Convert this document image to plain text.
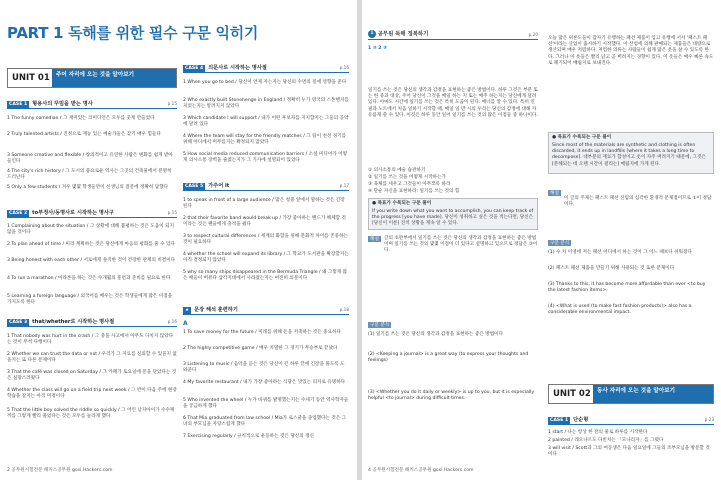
PART 1 독해를 위한 필수 구문 익히기
UNIT 01	주어 자리에 오는 것을 알아보기
CASE 1 형용사의 꾸밈을 받는 명사	p.15
1 The funny comedian / 그 재미있는 코미디언은 모두를 웃게 만들었다
2 Truly talented artists / 진정으로 재능 있는 예술가들은 찾기 매우 힘들다
3 Someone creative and flexible / 창의적이고 유연한 사람은 변화를 쉽게 받아들인다
4 The city's rich history / 그 도시의 풍요로운 역사는 그곳의 건축물에서 분명히 드러난다
5 Only a few students / 겨우 몇몇 학생들만이 선생님의 질문에 정확히 답했다
CASE 2 to부정사/동명사로 시작하는 명사구	p.15
1 Complaining about the situation / 그 상황에 대해 불평하는 것은 도움이 되지 않을 것이다
2 To plan ahead of time / 미리 계획하는 것은 당신에게 마음의 평화를 줄 수 있다
3 Being honest with each other / 서로에게 솔직한 것이 건강한 관계의 비결이다
4 To run a marathon / 마라톤을 하는 것은 수개월의 훈련과 준비를 필요로 한다
5 Learning a foreign language / 외국어를 배우는 것은 학생들에게 많은 이점을 가지도록 한다
CASE 3 that/whether로 시작하는 명사절	p.16
1 That nobody was hurt in the crash / 그 충돌 사고에서 아무도 다치지 않았다는 것이 무척 다행이다
2 Whether we can trust the data or not / 우리가 그 자료를 신뢰할 수 있을지 없을지는 또 다른 문제이다
3 That the café was closed on Saturday / 그 카페가 토요일에 문을 닫았다는 것은 실망스러웠다
4 Whether the class will go on a field trip next week / 그 반이 다음 주에 현장 학습을 갈지는 아직 미정이다
5 That the little boy solved the riddle so quickly / 그 어린 남자아이가 수수께끼를 그렇게 빨리 풀었다는 것은 모두를 놀라게 했다
CASE 4 의문사로 시작하는 명사절	p.16
1 When you go to bed / 당신이 언제 자는지는 당신의 수면의 질에 영향을 준다
2 Who exactly built Stonehenge in England / 정확히 누가 영국의 스톤헨지를 지었는지는 알려지지 않았다
3 Which candidate I will support / 내가 어떤 후보자를 지지할지는 그들의 공약에 달려 있다
4 Where the team will stay for the friendly matches / 그 팀이 친선 경기를 위해 어디에서 머무를지는 확정되지 않았다
5 How social media reduced communication barriers / 소셜 미디어가 어떻게 의사소통 장벽을 줄였는지가 그 기사에 설명되어 있었다
CASE 5 가주어 it	p.17
1 to speak in front of a large audience / 많은 청중 앞에서 말하는 것은 긴장 된다
2 that their favorite band would break up / 가장 좋아하는 밴드가 해체할 것이라는 것은 팬들에게 충격을 줬다
3 to respect cultural differences / 세계의 화합을 위해 문화적 차이를 존중하는 것이 필요하다
4 whether the school will expand its library / 그 학교가 도서관을 확장할지는 아직 결정되지 않았다
5 why so many ships disappeared in the Bermuda Triangle / 왜 그렇게 많은 배들이 버뮤다 삼각지대에서 사라졌는지는 여전히 의문이다
★ 문장 해석 훈련하기	p.18
A
1 To save money for the future / 미래를 위해 돈을 저축하는 것은 중요하다
2 The highly competitive game / 매우 치열한 그 경기가 무승부로 끝났다
3 Listening to music / 음악을 듣는 것은 당신이 긴 하루 끝에 긴장을 풀도록 도와준다
4 My favorite restaurant / 내가 가장 좋아하는 식당은 맛있는 피자로 유명하다
5 Who invented the wheel / 누가 바퀴를 발명했는지는 수세기 동안 역사학자들을 궁금하게 했다
6 That Mia graduated from law school / Mia가 로스쿨을 졸업했다는 것은 그녀의 부모님을 자랑스럽게 했다
7 Exercising regularly / 규칙적으로 운동하는 것은 당신의 정신
2 공무원시험전문 해커스공무원 gosi.Hackers.com
1 공무원 독해 정복하기	p.20
1 ③ 2 ③
일기를 쓰는 것은 당신의 생각과 감정을 표현하는 좋은 방법이다. 하루 그것은 부분 또는 한 중과 대상, 주어 당신이 그것을 매일 하는 지 또는 매주 하는지는 당신에게 달려 있다. 아마도 시간에 일기를 쓰는 것은 특히 도움이 된다. 매너를 알 수 있다. 특히 연필과 노트에서 처음 일하기 시작할 때, 매일 일 만 시의 우리는 당신의 감정에 대해 자유롭게 쓸 수 있다. 이것은 하루 동안 일어 일기를 쓰는 것의 많은 이점들 중 하나이다.
① 의사소통의 예술 습관하기
② 일기를 쓰는 것을 어떻게 시작하는가
③ 육체를 세우고 그것들이 아무쪼록 하라
④ 단순 자신을 표현하라: 일기를 쓰는 것의 힘
● 목표가 수록되는 구문 풀이
If you write down what you want to accomplish, you can keep track of the progress [you have made]. 당신이 성취하고 싶은 것을 적는다면, 당신은 [당신이 이룬] 진척 상황을 계속 알 수 있다.
해설	글의 초반부에서 일기를 쓰는 것은 당신의 생각과 감정을 표현하는 좋은 방법이며 일기를 쓰는 것의 몇몇 이점이 더 있다고 설명하고 있으므로 정답은 ③이다.
구문 분석
(1) 일기를 쓰는 것은 당신의 생각과 감정을 표현하는 좋은 방법이다
(2) <Keeping a journal> is a great way (to express your thoughts and feelings)
(3) <Whether you do it daily or weekly> is up to you, but it is especially helpful <to journal> during difficult times.
오늘 많은 위론도들이 갑자기 유행하는 패션 제품이 입고 유행에 서서 '패스트 패션'이라는 산업이 출시하기 시작했다. 이 산업에 의해 판매되는 제품들은 대량으로 생산되며 매우 저렴하다. 저렴한 의류는 사람들이 쉽게 많은 옷을 살 수 있도록 한다. 그러나 이 옷들은 빨리 낡고 곧 버려지는 경향이 있다. 이 옷들은 매우 빠른 속도로 폐기되어 매립지로 보내진다.
● 목표가 수록되는 구문 풀이
Since most of the materials are synthetic and clothing is often discarded, it ends up in landfills [where it takes a long time to decompose]. 대부분의 재료가 합성이고 옷이 자주 버려지기 때문에, 그것은 [분해되는 데 오랜 시간이 걸리는] 매립지에 가게 된다.
해설
이 글의 주제는 패스트 패션 산업의 심각한 환경적 문제점이므로 ①이 정답이다.
구문 분석
(1) 수 차 이영에 저는 패션 어디에서 하는 것이 그 어느 때보다 쉬워졌다
(2) 패스트 패션 제품을 만들기 위해 사용되는 것 또한 문제이다
(3) Thanks to this, it has become more affordable than ever <to buy the latest fashion items>.
(4) <What is used (to make fast fashion products)> also has a considerable environmental impact.
UNIT 02	동사 자리에 오는 것을 알아보기
CASE 1 단순형	p.23
1 start / 나는 항상 한 잔의 물로 하루를 시작한다
2 painted / 레오나르도 다빈치는 「모나리자」를 그렸다
3 will visit / Scott과 그의 여동생은 다음 일요일에 그들의 조부모님을 방문할 것이다
4 공무원시험전문 해커스공무원 gosi.Hackers.com
